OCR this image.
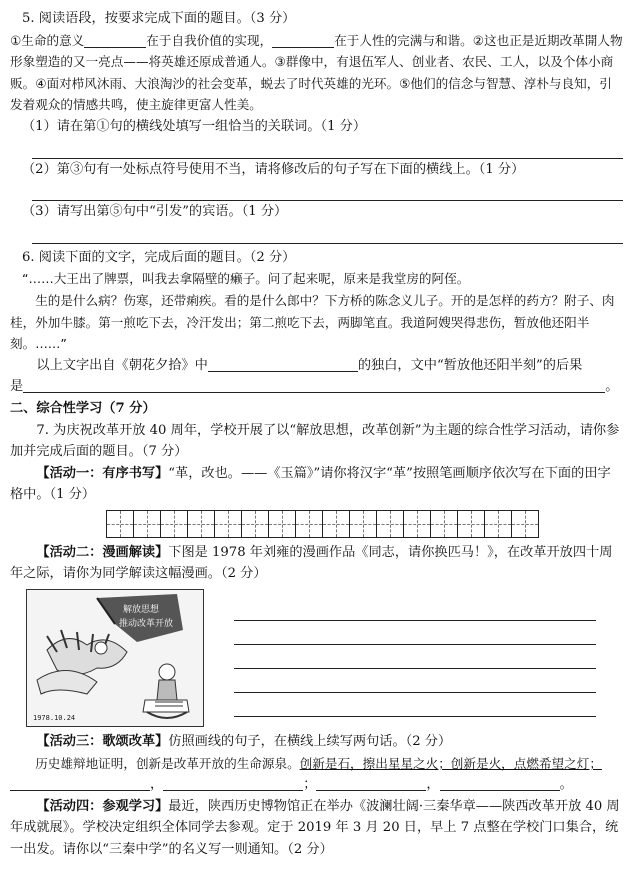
5. 阅读语段，按要求完成下面的题目。（3 分）

①生命的意义	在于自我价值的实现，	在于人性的完满与和谐。②这也正是近期改革開人物形象塑造的又一亮点——将英雄还原成普通人。③群像中，有退伍军人、创业者、农民、工人，以及个体小商贩。④面对栉风沐雨、大浪淘沙的社会变革，蜕去了时代英雄的光环。⑤他们的信念与智慧、淳朴与良知，引发着观众的情感共鸣，使主旋律更富人性美。

（1）请在第①句的横线处填写一组恰当的关联词。（1 分）

（2）第③句有一处标点符号使用不当，请将修改后的句子写在下面的横线上。（1 分）

（3）请写出第⑤句中“引发”的宾语。（1 分）

6. 阅读下面的文字，完成后面的题目。（2 分）

“……大王出了牌票，叫我去拿隔壁的癞子。问了起来呢，原来是我堂房的阿侄。

生的是什么病？伤寒，还带痢疾。看的是什么郎中？下方桥的陈念义儿子。开的是怎样的药方？附子、肉桂，外加牛膝。第一煎吃下去，冷汗发出；第二煎吃下去，两脚笔直。我道阿嫂哭得悲伤，暂放他还阳半刻。……”

以上文字出自《朝花夕拾》中	的独白，文中“暂放他还阳半刻”的后果

是	。

二、综合性学习（7 分）

7. 为庆祝改革开放 40 周年，学校开展了以“解放思想，改革创新”为主题的综合性学习活动，请你参加并完成后面的题目。（7 分）

【活动一：有序书写】“革，改也。——《玉篇》”请你将汉字“革”按照笔画顺序依次写在下面的田字格中。（1 分）

【活动二：漫画解读】下图是 1978 年刘雍的漫画作品《同志，请你换匹马！》，在改革开放四十周年之际，请你为同学解读这幅漫画。（2 分）

解放思想
推动改革开放
1978.10.24

【活动三：歌颂改革】仿照画线的句子，在横线上续写两句话。（2 分）

历史雄辩地证明，创新是改革开放的生命源泉。创新是石，擦出星星之火；创新是火，点燃希望之灯；

，	；	，	。

【活动四：参观学习】最近，陕西历史博物馆正在举办《波澜壮阔·三秦华章——陕西改革开放 40 周年成就展》。学校决定组织全体同学去参观。定于 2019 年 3 月 20 日，早上 7 点整在学校门口集合，统一出发。请你以“三秦中学”的名义写一则通知。（2 分）
